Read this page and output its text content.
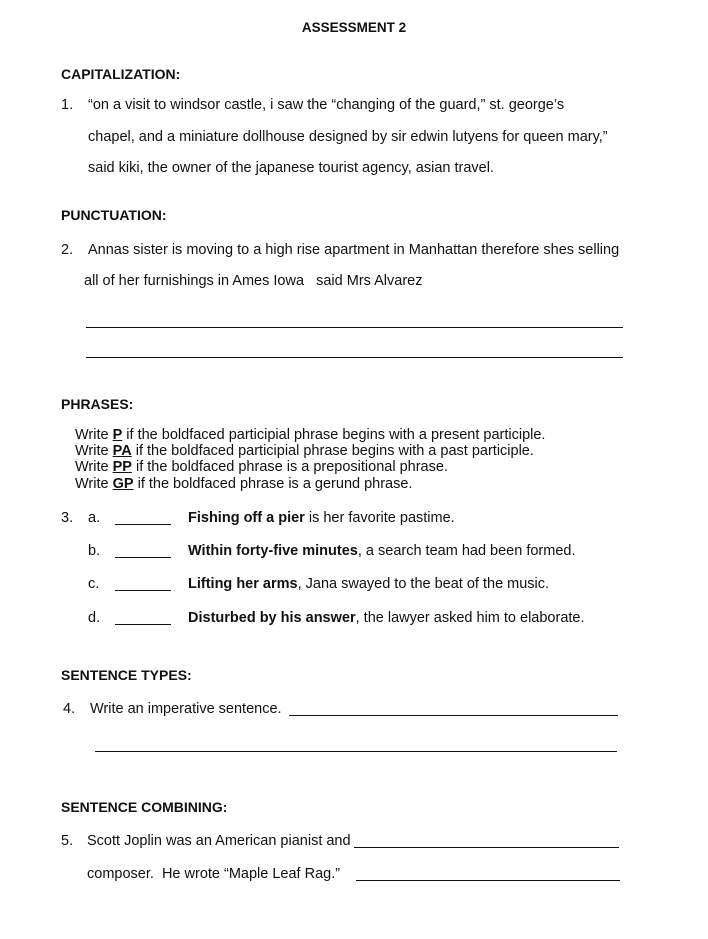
ASSESSMENT 2
CAPITALIZATION:
1. “on a visit to windsor castle, i saw the “changing of the guard,” st. george’s
chapel, and a miniature dollhouse designed by sir edwin lutyens for queen mary,”
said kiki, the owner of the japanese tourist agency, asian travel.
PUNCTUATION:
2. Annas sister is moving to a high rise apartment in Manhattan therefore shes selling
all of her furnishings in Ames Iowa   said Mrs Alvarez
PHRASES:
Write P if the boldfaced participial phrase begins with a present participle.
Write PA if the boldfaced participial phrase begins with a past participle.
Write PP if the boldfaced phrase is a prepositional phrase.
Write GP if the boldfaced phrase is a gerund phrase.
3. a.	Fishing off a pier is her favorite pastime.
b.	Within forty-five minutes, a search team had been formed.
c.	Lifting her arms, Jana swayed to the beat of the music.
d.	Disturbed by his answer, the lawyer asked him to elaborate.
SENTENCE TYPES:
4. Write an imperative sentence.
SENTENCE COMBINING:
5. Scott Joplin was an American pianist and
composer.  He wrote “Maple Leaf Rag.”
